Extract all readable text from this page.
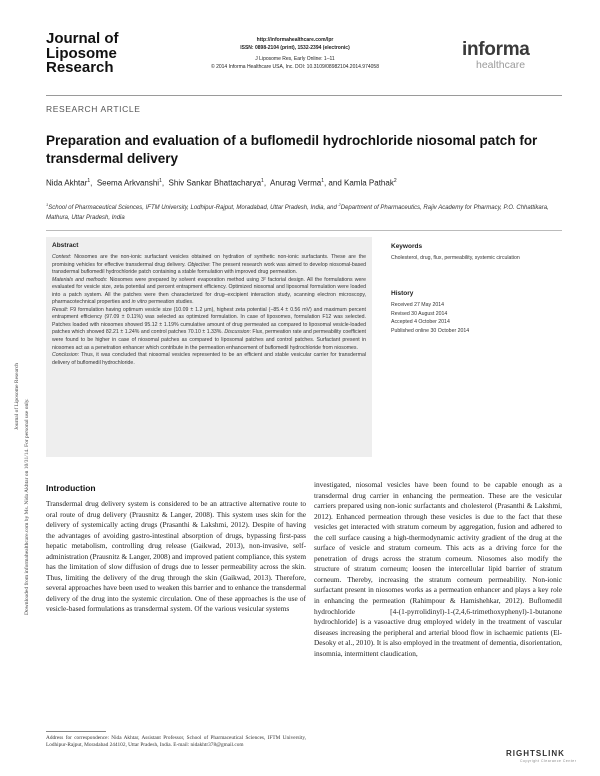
Journal of Liposome Research
http://informahealthcare.com/lpr
ISSN: 0898-2104 (print), 1532-2394 (electronic)
J Liposome Res, Early Online: 1–11
© 2014 Informa Healthcare USA, Inc. DOI: 10.3109/08982104.2014.974058
informa
healthcare
RESEARCH ARTICLE
Preparation and evaluation of a buflomedil hydrochloride niosomal patch for transdermal delivery
Nida Akhtar$^1$,  Seema Arkvanshi$^1$,  Shiv Sankar Bhattacharya$^1$,  Anurag Verma$^1$, and Kamla Pathak$^2$
$^1$School of Pharmaceutical Sciences, IFTM University, Lodhipur-Rajput, Moradabad, Uttar Pradesh, India, and $^2$Department of Pharmaceutics, Rajiv Academy for Pharmacy, P.O. Chhattikara, Mathura, Uttar Pradesh, India
Abstract
Context: Niosomes are the non-ionic surfactant vesicles obtained on hydration of synthetic non-ionic surfactants. These are the promising vehicles for effective transdermal drug delivery. Objective: The present research work was aimed to develop niosomal-based transdermal buflomedil hydrochloride patch containing a stable formulation with improved drug permeation.
Materials and methods: Niosomes were prepared by solvent evaporation method using 3² factorial design. All the formulations were evaluated for vesicle size, zeta potential and percent entrapment efficiency. Optimized niosomal and liposomal formulation were loaded into a patch system. All the patches were then characterized for drug–excipient interaction study, scanning electron microscopy, pharmacotechnical properties and in vitro permeation studies.
Result: F9 formulation having optimum vesicle size (10.09 ± 1.2 μm), highest zeta potential (−85.4 ± 0.56 mV) and maximum percent entrapment efficiency (97.09 ± 0.11%) was selected as optimized formulation. In case of liposomes, formulation F12 was selected. Patches loaded with niosomes showed 95.12 ± 1.19% cumulative amount of drug permeated as compared to liposomal vesicle-loaded patches which showed 82.21 ± 1.24% and control patches 70.10 ± 1.33%. Discussion: Flux, permeation rate and permeability coefficient were found to be higher in case of niosomal patches as compared to liposomal patches and control patches. Surfactant present in niosomes act as a penetration enhancer which contribute in the permeation enhancement of buflomedil hydrochloride from niosomes.
Conclusion: Thus, it was concluded that niosomal vesicles represented to be an efficient and stable vesicular carrier for transdermal delivery of buflomedil hydrochloride.
Keywords
Cholesterol, drug, flux, permeability, systemic circulation
History
Received 27 May 2014
Revised 30 August 2014
Accepted 4 October 2014
Published online 30 October 2014
Introduction
Transdermal drug delivery system is considered to be an attractive alternative route to oral route of drug delivery (Prausnitz & Langer, 2008). This system uses skin for the delivery of systemically acting drugs (Prasanthi & Lakshmi, 2012). Despite of having the advantages of avoiding gastro-intestinal absorption of drugs, bypassing first-pass hepatic metabolism, controlling drug release (Gaikwad, 2013), non-invasive, self-administration (Prausnitz & Langer, 2008) and improved patient compliance, this system has the limitation of slow diffusion of drugs due to lesser permeability across the skin. Thus, limiting the delivery of the drug through the skin (Gaikwad, 2013). Therefore, several approaches have been used to weaken this barrier and to enhance the transdermal delivery of the drug into the systemic circulation. One of these approaches is the use of vesicle-based formulations as transdermal system. Of the various vesicular systems
investigated, niosomal vesicles have been found to be capable enough as a transdermal drug carrier in enhancing the permeation. These are the vesicular carriers prepared using non-ionic surfactants and cholesterol (Prasanthi & Lakshmi, 2012). Enhanced permeation through these vesicles is due to the fact that these vesicles get interacted with stratum corneum by aggregation, fusion and adhered to the cell surface causing a high-thermodynamic activity gradient of the drug at the surface of vesicle and stratum corneum. This acts as a driving force for the penetration of drugs across the stratum corneum. Niosomes also modify the structure of stratum corneum; loosen the intercellular lipid barrier of stratum corneum. Thereby, increasing the stratum corneum permeability. Non-ionic surfactant present in niosomes works as a permeation enhancer and plays a key role in enhancing the permeation (Rahimpour & Hamishehkar, 2012). Buflomedil hydrochloride [4-(1-pyrrolidinyl)-1-(2,4,6-trimethoxyphenyl)-1-butanone hydrochloride] is a vasoactive drug employed widely in the treatment of vascular diseases increasing the peripheral and arterial blood flow in ischaemic patients (El-Desoky et al., 2010). It is also employed in the treatment of dementia, disorientation, insomnia, intermittent claudication,
Address for correspondence: Nida Akhtar, Assistant Professor, School of Pharmaceutical Sciences, IFTM University, Lodhipur-Rajput, Moradabad 244102, Uttar Pradesh, India. E-mail: nidakhtr378@gmail.com
Journal of Liposome Research
Downloaded from informahealthcare.com by Ms. Nida Akhtar on 10/31/14. For personal use only.
RIGHTSLINK
Copyright Clearance Center
